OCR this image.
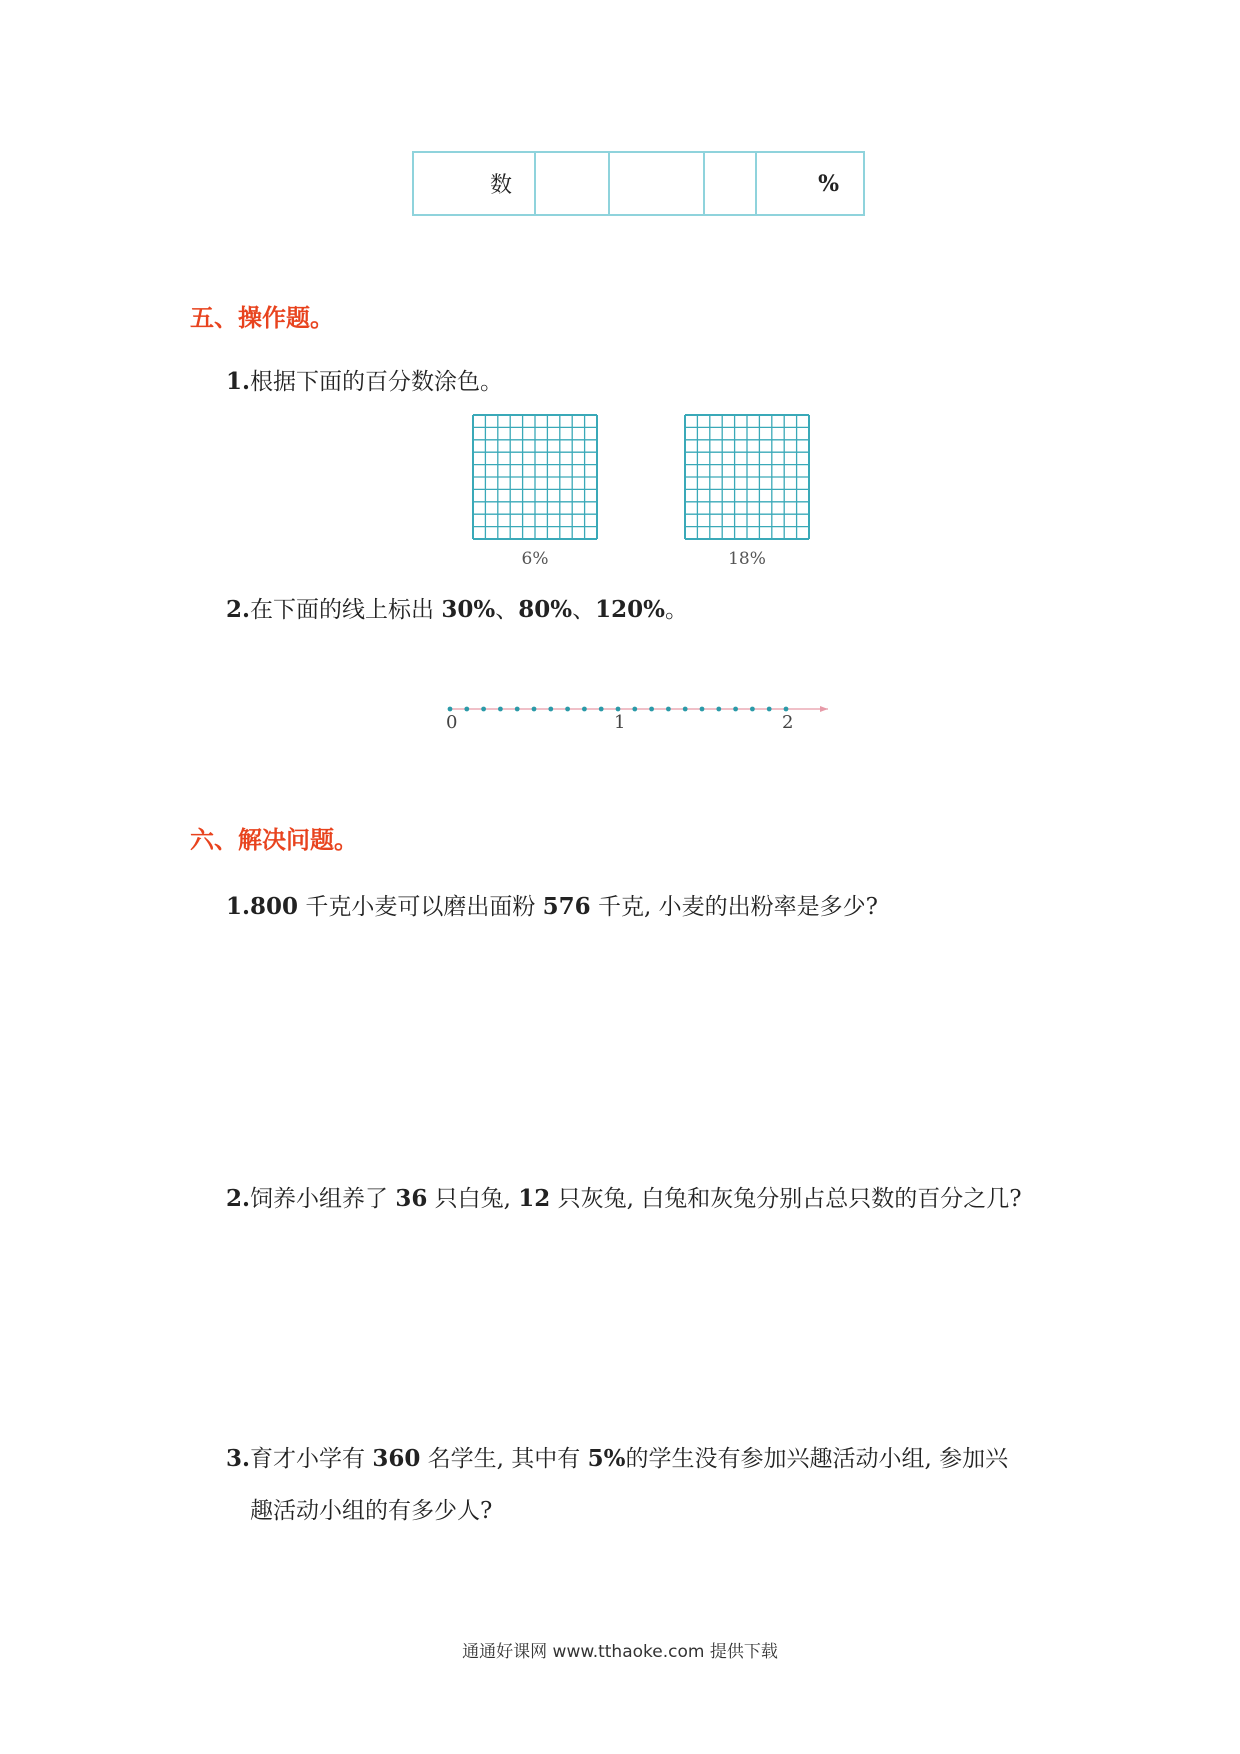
数				%
五、操作题。
1.根据下面的百分数涂色。
6%	18%
2.在下面的线上标出 30%、80%、120%。
0	1	2
六、解决问题。
1.800 千克小麦可以磨出面粉 576 千克, 小麦的出粉率是多少?
2.饲养小组养了 36 只白兔, 12 只灰兔, 白兔和灰兔分别占总只数的百分之几?
3.育才小学有 360 名学生, 其中有 5%的学生没有参加兴趣活动小组, 参加兴
趣活动小组的有多少人?
通通好课网 www.tthaoke.com 提供下载
